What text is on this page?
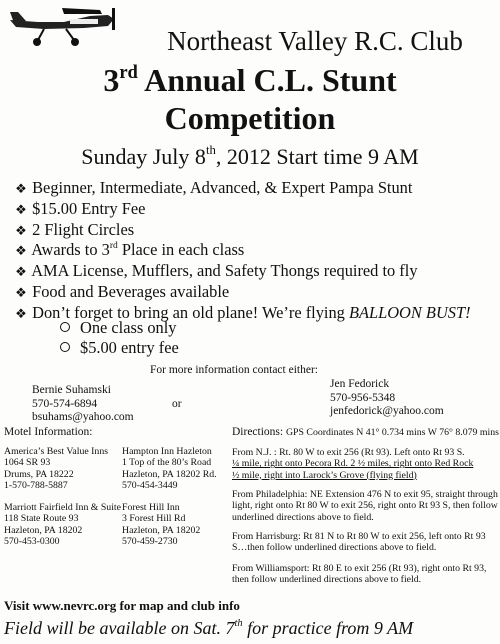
Northeast Valley R.C. Club
3rd Annual C.L. Stunt
Competition
Sunday July 8th, 2012 Start time 9 AM
❖ Beginner, Intermediate, Advanced, & Expert Pampa Stunt
❖ $15.00 Entry Fee
❖ 2 Flight Circles
❖ Awards to 3rd Place in each class
❖ AMA License, Mufflers, and Safety Thongs required to fly
❖ Food and Beverages available
❖ Don’t forget to bring an old plane! We’re flying BALLOON BUST!
One class only
$5.00 entry fee
For more information contact either:
Bernie Suhamski
570-574-6894
bsuhams@yahoo.com
or
Jen Fedorick
570-956-5348
jenfedorick@yahoo.com
Motel Information:
America’s Best Value Inns
1064 SR 93
Drums, PA 18222
1-570-788-5887
Hampton Inn Hazleton
1 Top of the 80’s Road
Hazleton, PA 18202 Rd.
570-454-3449
Marriott Fairfield Inn & Suite
118 State Route 93
Hazleton, PA 18202
570-453-0300
Forest Hill Inn
3 Forest Hill Rd
Hazleton, PA 18202
570-459-2730
Directions: GPS Coordinates N 41° 0.734 mins W 76° 8.079 mins
From N.J. : Rt. 80 W to exit 256 (Rt 93). Left onto Rt 93 S.
¼ mile, right onto Pecora Rd. 2 ½ miles, right onto Red Rock
½ mile, right into Larock’s Grove (flying field)
From Philadelphia: NE Extension 476 N to exit 95, straight through
light, right onto Rt 80 W to exit 256, right onto Rt 93 S, then follow
underlined directions above to field.
From Harrisburg: Rt 81 N to Rt 80 W to exit 256, left onto Rt 93
S…then follow underlined directions above to field.
From Williamsport: Rt 80 E to exit 256 (Rt 93), right onto Rt 93,
then follow underlined directions above to field.
Visit www.nevrc.org for map and club info
Field will be available on Sat. 7th for practice from 9 AM
